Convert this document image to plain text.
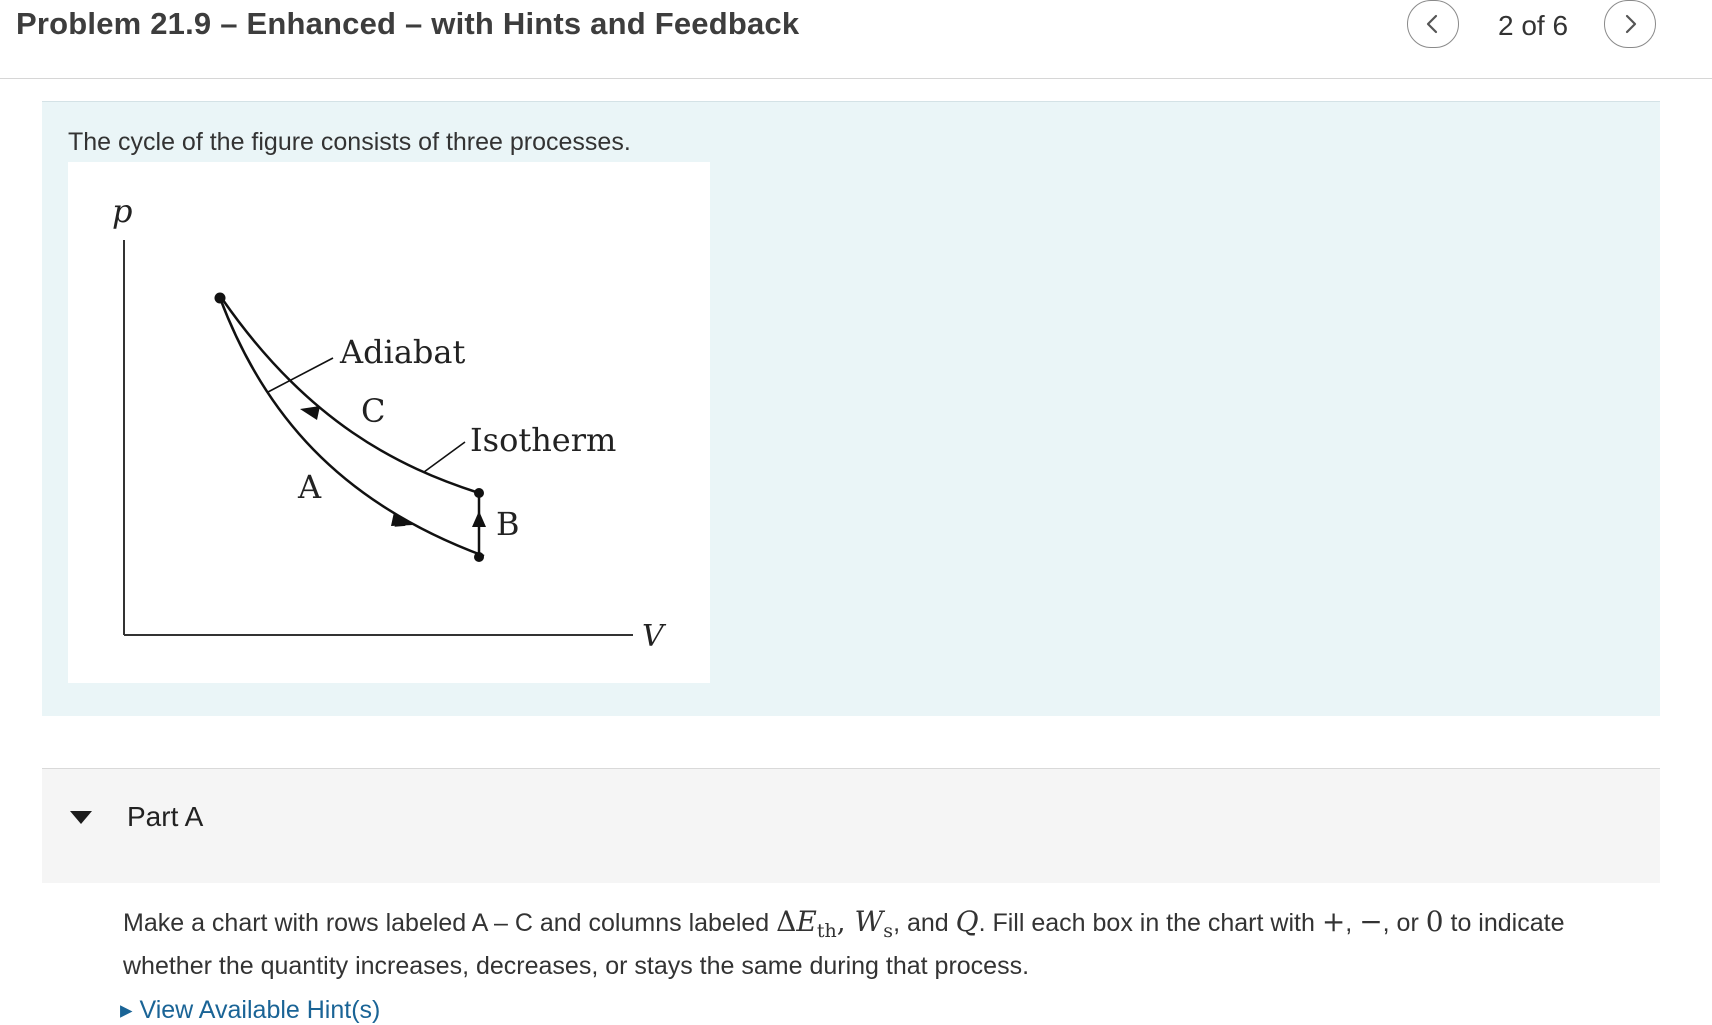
Problem 21.9 – Enhanced – with Hints and Feedback	2 of 6
The cycle of the figure consists of three processes.
p
V
Adiabat
Isotherm
C
A
B
Part A
Make a chart with rows labeled A – C and columns labeled $\Delta E_{th}$, $W_s$, and Q. Fill each box in the chart with +, −, or 0 to indicate whether the quantity increases, decreases, or stays the same during that process.
▸ View Available Hint(s)
